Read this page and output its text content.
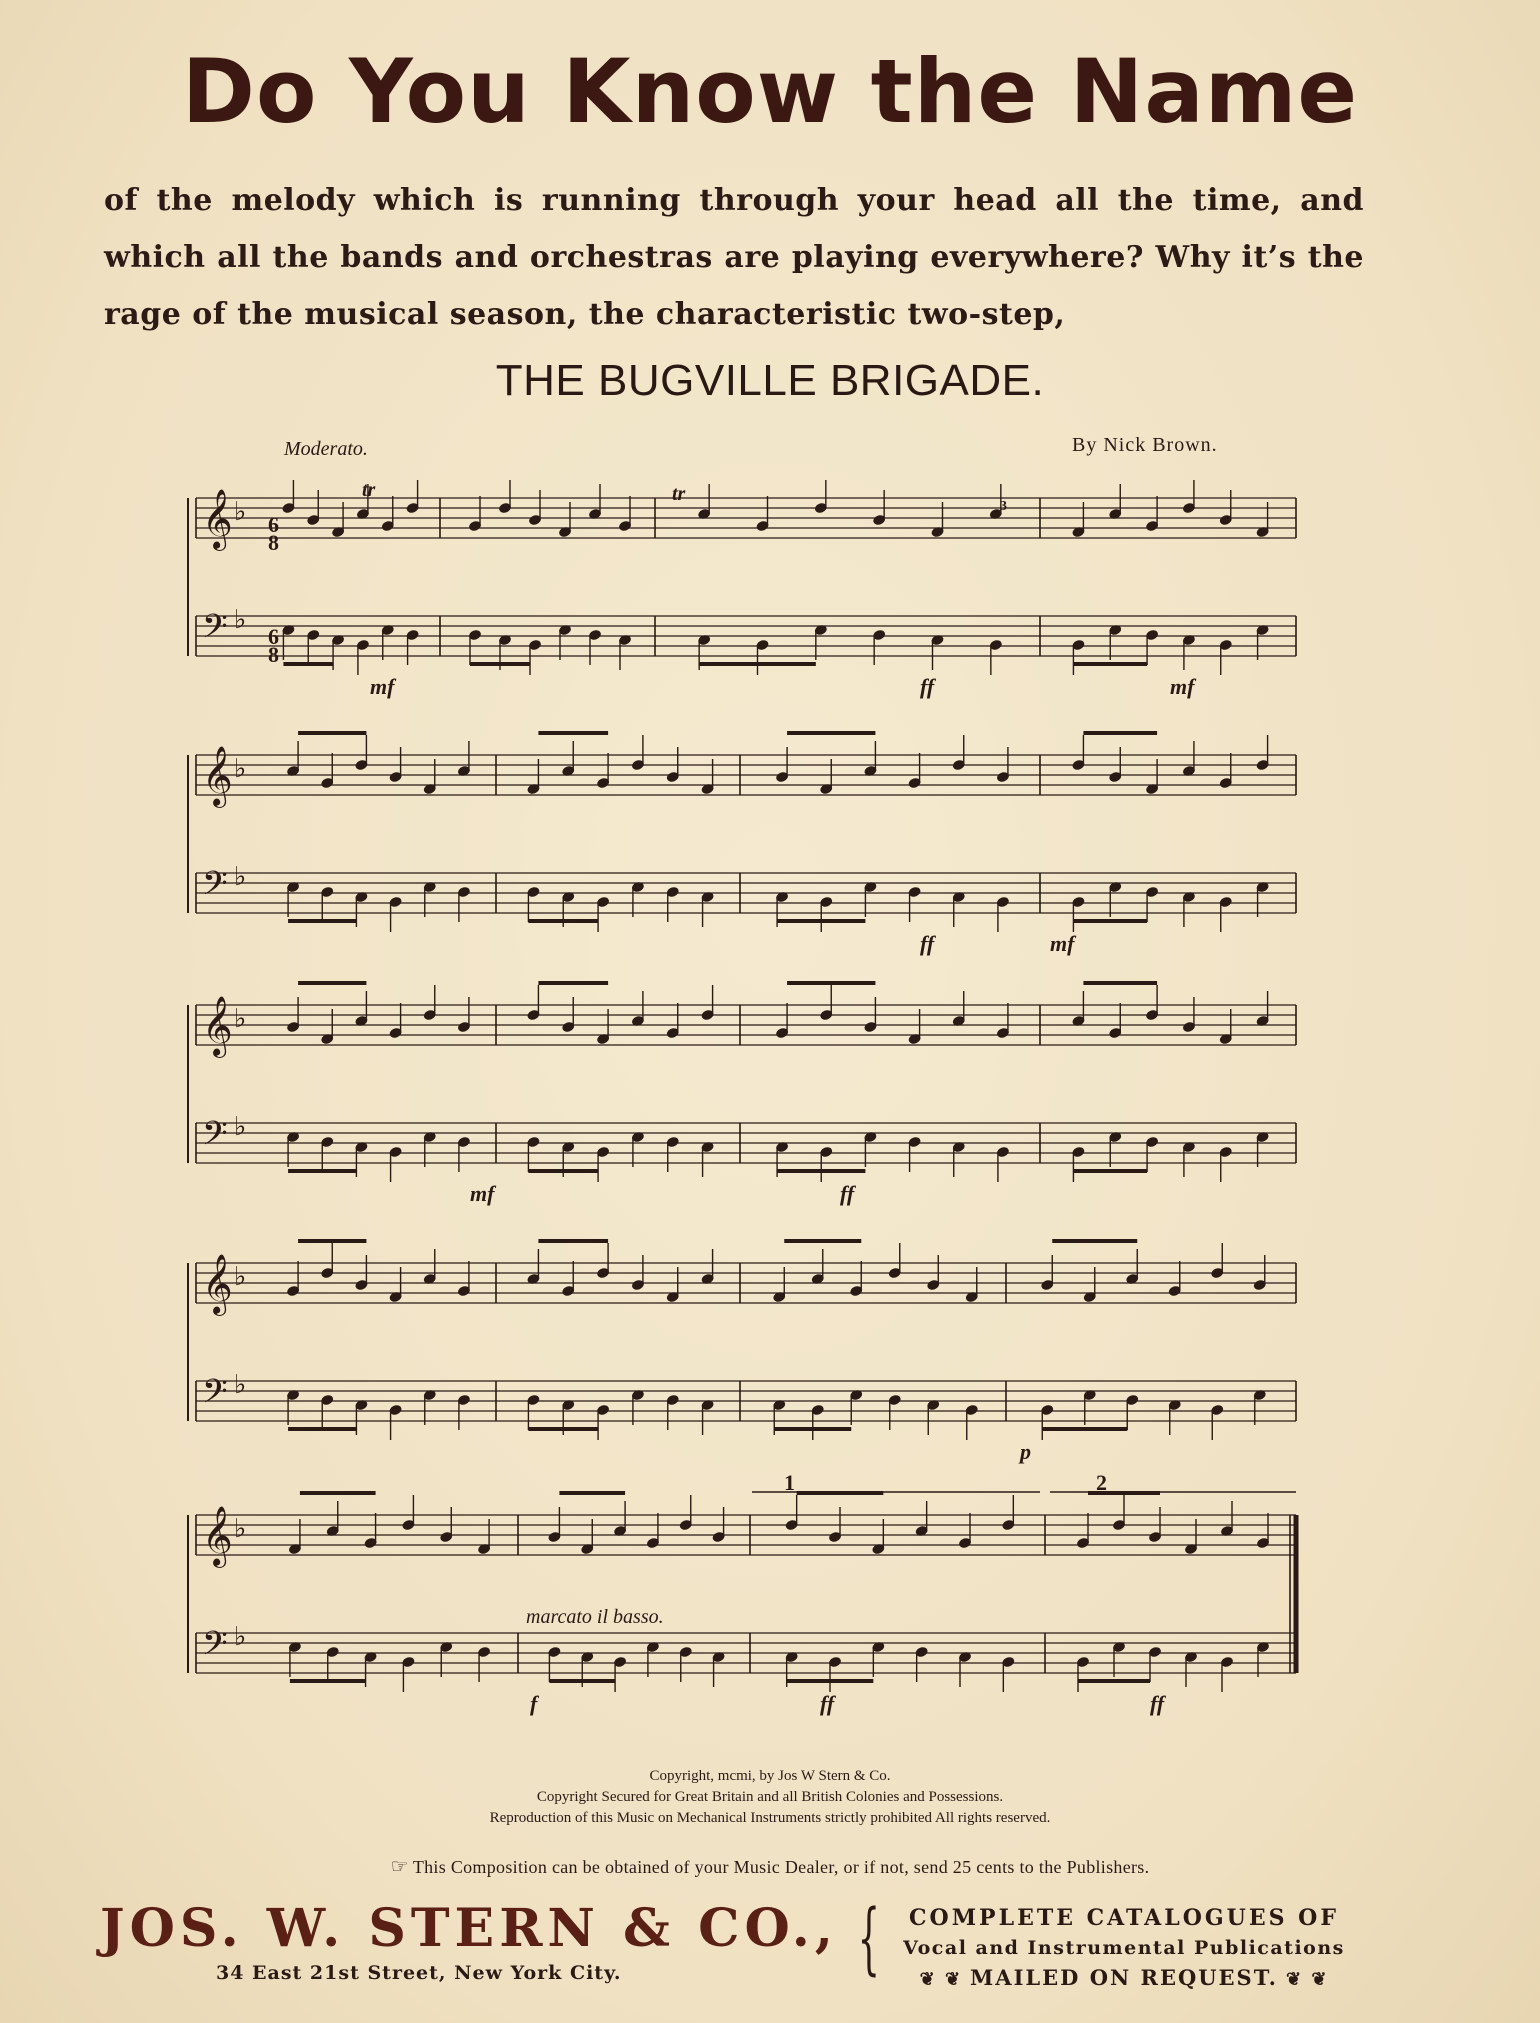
Do You Know the Name
of the melody which is running through your head all the time, and which all the bands and orchestras are playing everywhere? Why it’s the rage of the musical season, the characteristic two-step,
THE BUGVILLE BRIGADE.
Moderato.	By Nick Brown.
𝄞 ♭
𝄢 ♭
mf	ff	mf
𝄞 ♭
𝄢 ♭
ff	mf
𝄞 ♭
𝄢 ♭
mf	ff
𝄞 ♭
𝄢 ♭
p
𝄞 ♭
𝄢 ♭
f	ff	ff
6
8
6
8
tr	tr
3
marcato il basso.
1	2
Copyright, mcmi, by Jos W Stern & Co.
Copyright Secured for Great Britain and all British Colonies and Possessions.
Reproduction of this Music on Mechanical Instruments strictly prohibited All rights reserved.
☞ This Composition can be obtained of your Music Dealer, or if not, send 25 cents to the Publishers.
JOS. W. STERN & CO.,
34 East 21st Street, New York City.	{	COMPLETE CATALOGUES OF
Vocal and Instrumental Publications
❦ ❦ MAILED ON REQUEST. ❦ ❦
